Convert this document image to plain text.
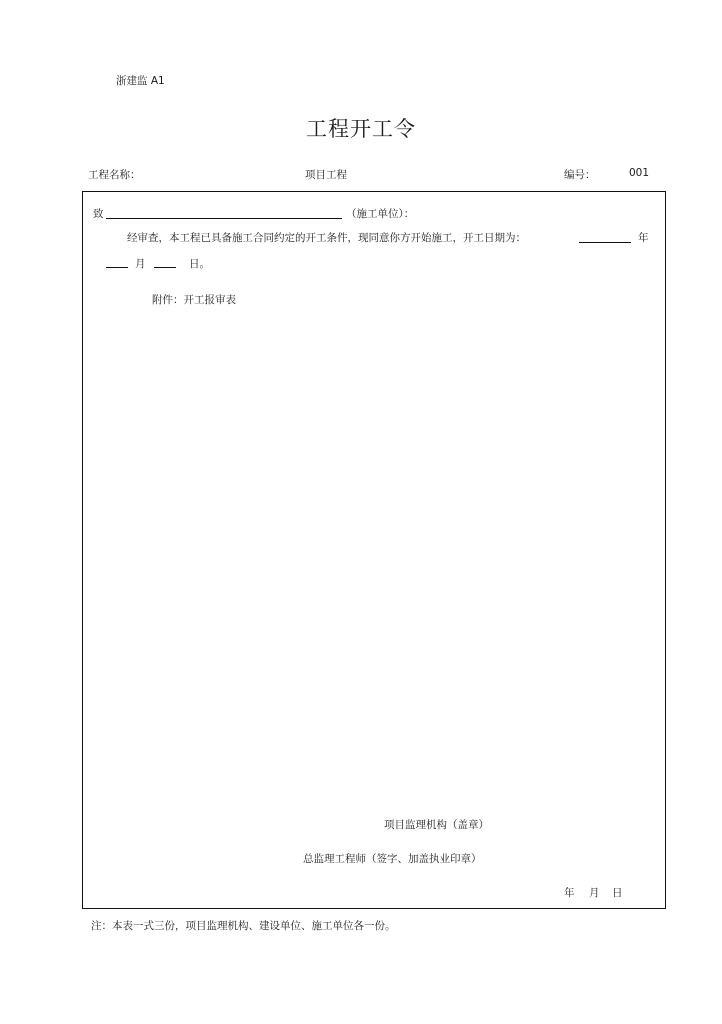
浙建监 A1
工程开工令
工程名称：	项目工程	编号：	001
致	（施工单位）：
经审查，本工程已具备施工合同约定的开工条件，现同意你方开始施工，开工日期为：	年
月	日。
附件：开工报审表
项目监理机构（盖章）
总监理工程师（签字、加盖执业印章）
年 月 日
注：本表一式三份，项目监理机构、建设单位、施工单位各一份。
